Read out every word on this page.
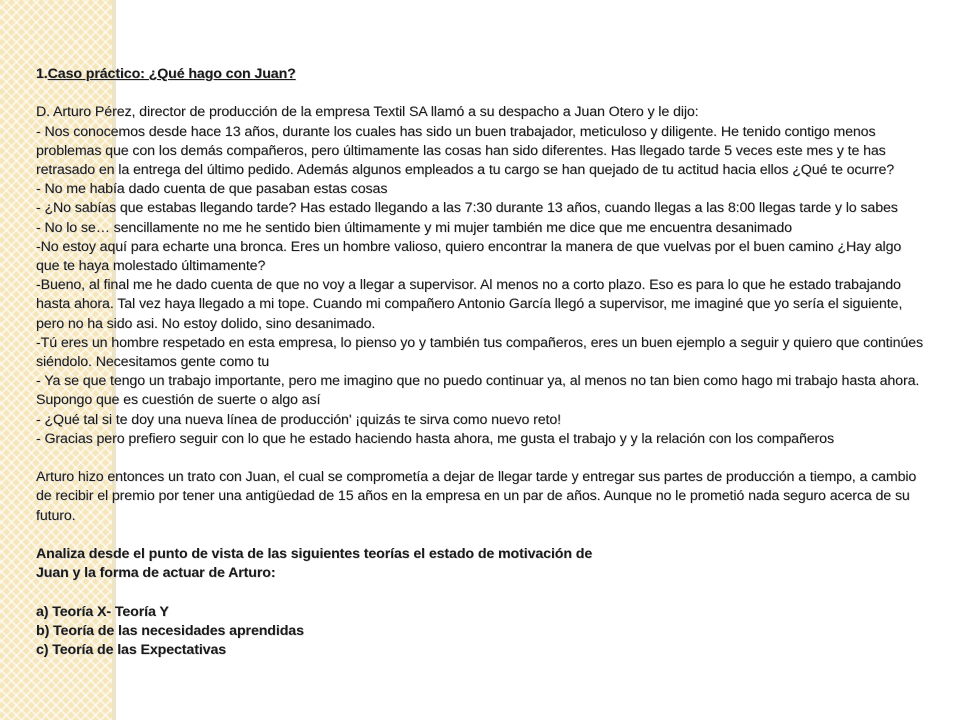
1.Caso práctico: ¿Qué hago con Juan?

D. Arturo Pérez, director de producción de la empresa Textil SA llamó a su despacho a Juan Otero y le dijo:

- Nos conocemos desde hace 13 años, durante los cuales has sido un buen trabajador, meticuloso y diligente. He tenido contigo menos problemas que con los demás compañeros, pero últimamente las cosas han sido diferentes. Has llegado tarde 5 veces este mes y te has retrasado en la entrega del último pedido. Además algunos empleados a tu cargo se han quejado de tu actitud hacia ellos ¿Qué te ocurre?

- No me había dado cuenta de que pasaban estas cosas

- ¿No sabías que estabas llegando tarde? Has estado llegando a las 7:30 durante 13 años, cuando llegas a las 8:00 llegas tarde y lo sabes

- No lo se… sencillamente no me he sentido bien últimamente y mi mujer también me dice que me encuentra desanimado

-No estoy aquí para echarte una bronca. Eres un hombre valioso, quiero encontrar la manera de que vuelvas por el buen camino ¿Hay algo que te haya molestado últimamente?

-Bueno, al final me he dado cuenta de que no voy a llegar a supervisor. Al menos no a corto plazo. Eso es para lo que he estado trabajando hasta ahora. Tal vez haya llegado a mi tope. Cuando mi compañero Antonio García llegó a supervisor, me imaginé que yo sería el siguiente, pero no ha sido asi. No estoy dolido, sino desanimado.

-Tú eres un hombre respetado en esta empresa, lo pienso yo y también tus compañeros, eres un buen ejemplo a seguir y quiero que continúes siéndolo. Necesitamos gente como tu

- Ya se que tengo un trabajo importante, pero me imagino que no puedo continuar ya, al menos no tan bien como hago mi trabajo hasta ahora. Supongo que es cuestión de suerte o algo así

- ¿Qué tal si te doy una nueva línea de producción' ¡quizás te sirva como nuevo reto!

- Gracias pero prefiero seguir con lo que he estado haciendo hasta ahora, me gusta el trabajo y y la relación con los compañeros

Arturo hizo entonces un trato con Juan, el cual se comprometía a dejar de llegar tarde y entregar sus partes de producción a tiempo, a cambio de recibir el premio por tener una antigüedad de 15 años en la empresa en un par de años. Aunque no le prometió nada seguro acerca de su futuro.

Analiza desde el punto de vista de las siguientes teorías el estado de motivación de Juan y la forma de actuar de Arturo:

a) Teoría X- Teoría Y

b) Teoría de las necesidades aprendidas

c) Teoría de las Expectativas
